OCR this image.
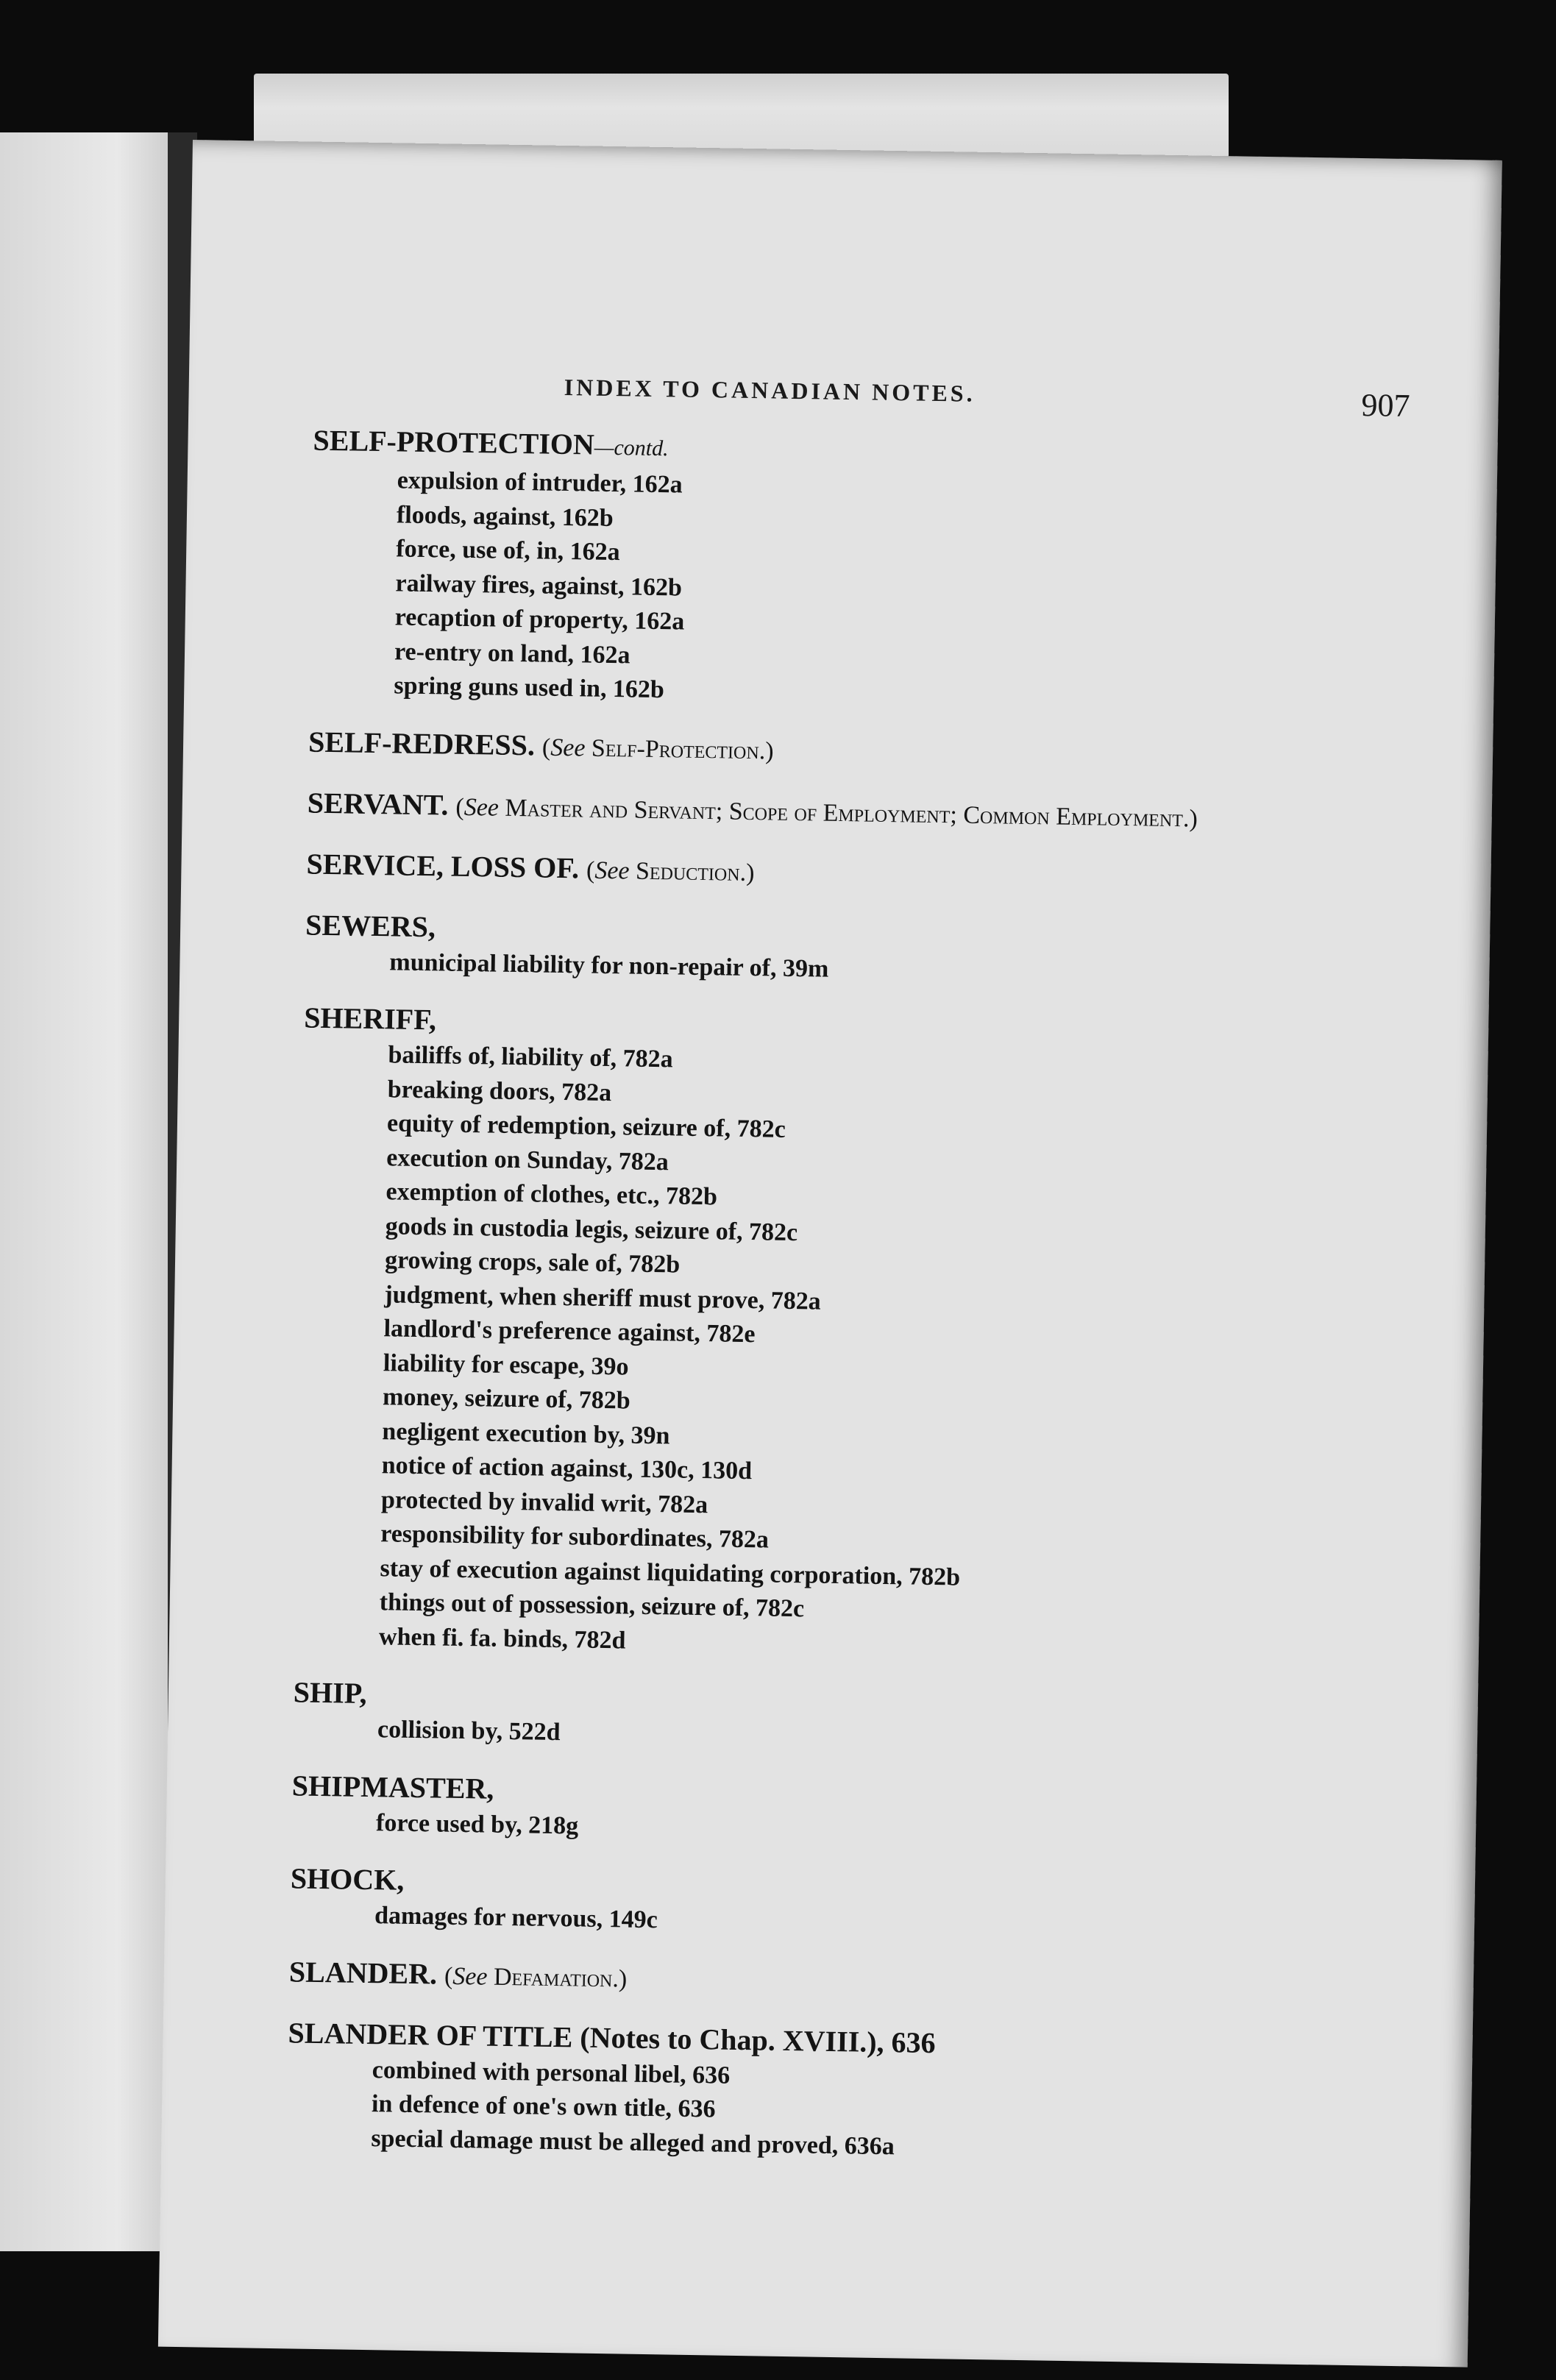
INDEX TO CANADIAN NOTES.	907
SELF-PROTECTION—contd.
expulsion of intruder, 162a
floods, against, 162b
force, use of, in, 162a
railway fires, against, 162b
recaption of property, 162a
re-entry on land, 162a
spring guns used in, 162b
SELF-REDRESS. (See Self-Protection.)
SERVANT. (See Master and Servant; Scope of Employment; Common Employment.)
SERVICE, LOSS OF. (See Seduction.)
SEWERS,
municipal liability for non-repair of, 39m
SHERIFF,
bailiffs of, liability of, 782a
breaking doors, 782a
equity of redemption, seizure of, 782c
execution on Sunday, 782a
exemption of clothes, etc., 782b
goods in custodia legis, seizure of, 782c
growing crops, sale of, 782b
judgment, when sheriff must prove, 782a
landlord's preference against, 782e
liability for escape, 39o
money, seizure of, 782b
negligent execution by, 39n
notice of action against, 130c, 130d
protected by invalid writ, 782a
responsibility for subordinates, 782a
stay of execution against liquidating corporation, 782b
things out of possession, seizure of, 782c
when fi. fa. binds, 782d
SHIP,
collision by, 522d
SHIPMASTER,
force used by, 218g
SHOCK,
damages for nervous, 149c
SLANDER. (See Defamation.)
SLANDER OF TITLE (Notes to Chap. XVIII.), 636
combined with personal libel, 636
in defence of one's own title, 636
special damage must be alleged and proved, 636a
